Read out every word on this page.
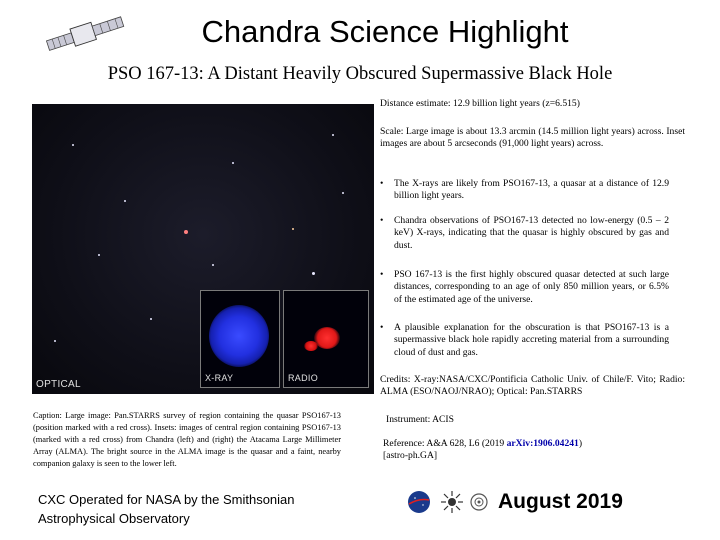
Chandra Science Highlight
PSO 167-13: A Distant Heavily Obscured Supermassive Black Hole
X-RAY	RADIO
OPTICAL
Distance estimate: 12.9 billion light years (z=6.515)
Scale: Large image is about 13.3 arcmin (14.5 million light years) across. Inset images are about 5 arcseconds (91,000 light years) across.
• The X-rays are likely from PSO167-13, a quasar at a distance of 12.9 billion light years.
• Chandra observations of PSO167-13 detected no low-energy (0.5 – 2 keV) X-rays, indicating that the quasar is highly obscured by gas and dust.
• PSO 167-13 is the first highly obscured quasar detected at such large distances, corresponding to an age of only 850 million years, or 6.5% of the estimated age of the universe.
• A plausible explanation for the obscuration is that PSO167-13 is a supermassive black hole rapidly accreting material from a surrounding cloud of dust and gas.
Credits: X-ray:NASA/CXC/Pontificia Catholic Univ. of Chile/F. Vito; Radio: ALMA (ESO/NAOJ/NRAO); Optical: Pan.STARRS
Instrument: ACIS
Reference: A&A 628, L6 (2019 arXiv:1906.04241)
[astro-ph.GA]
Caption: Large image: Pan.STARRS survey of region containing the quasar PSO167-13 (position marked with a red cross). Insets: images of central region containing PSO167-13 (marked with a red cross) from Chandra (left) and (right) the Atacama Large Millimeter Array (ALMA). The bright source in the ALMA image is the quasar and a faint, nearby companion galaxy is seen to the lower left.
CXC Operated for NASA by the Smithsonian Astrophysical Observatory
August 2019
